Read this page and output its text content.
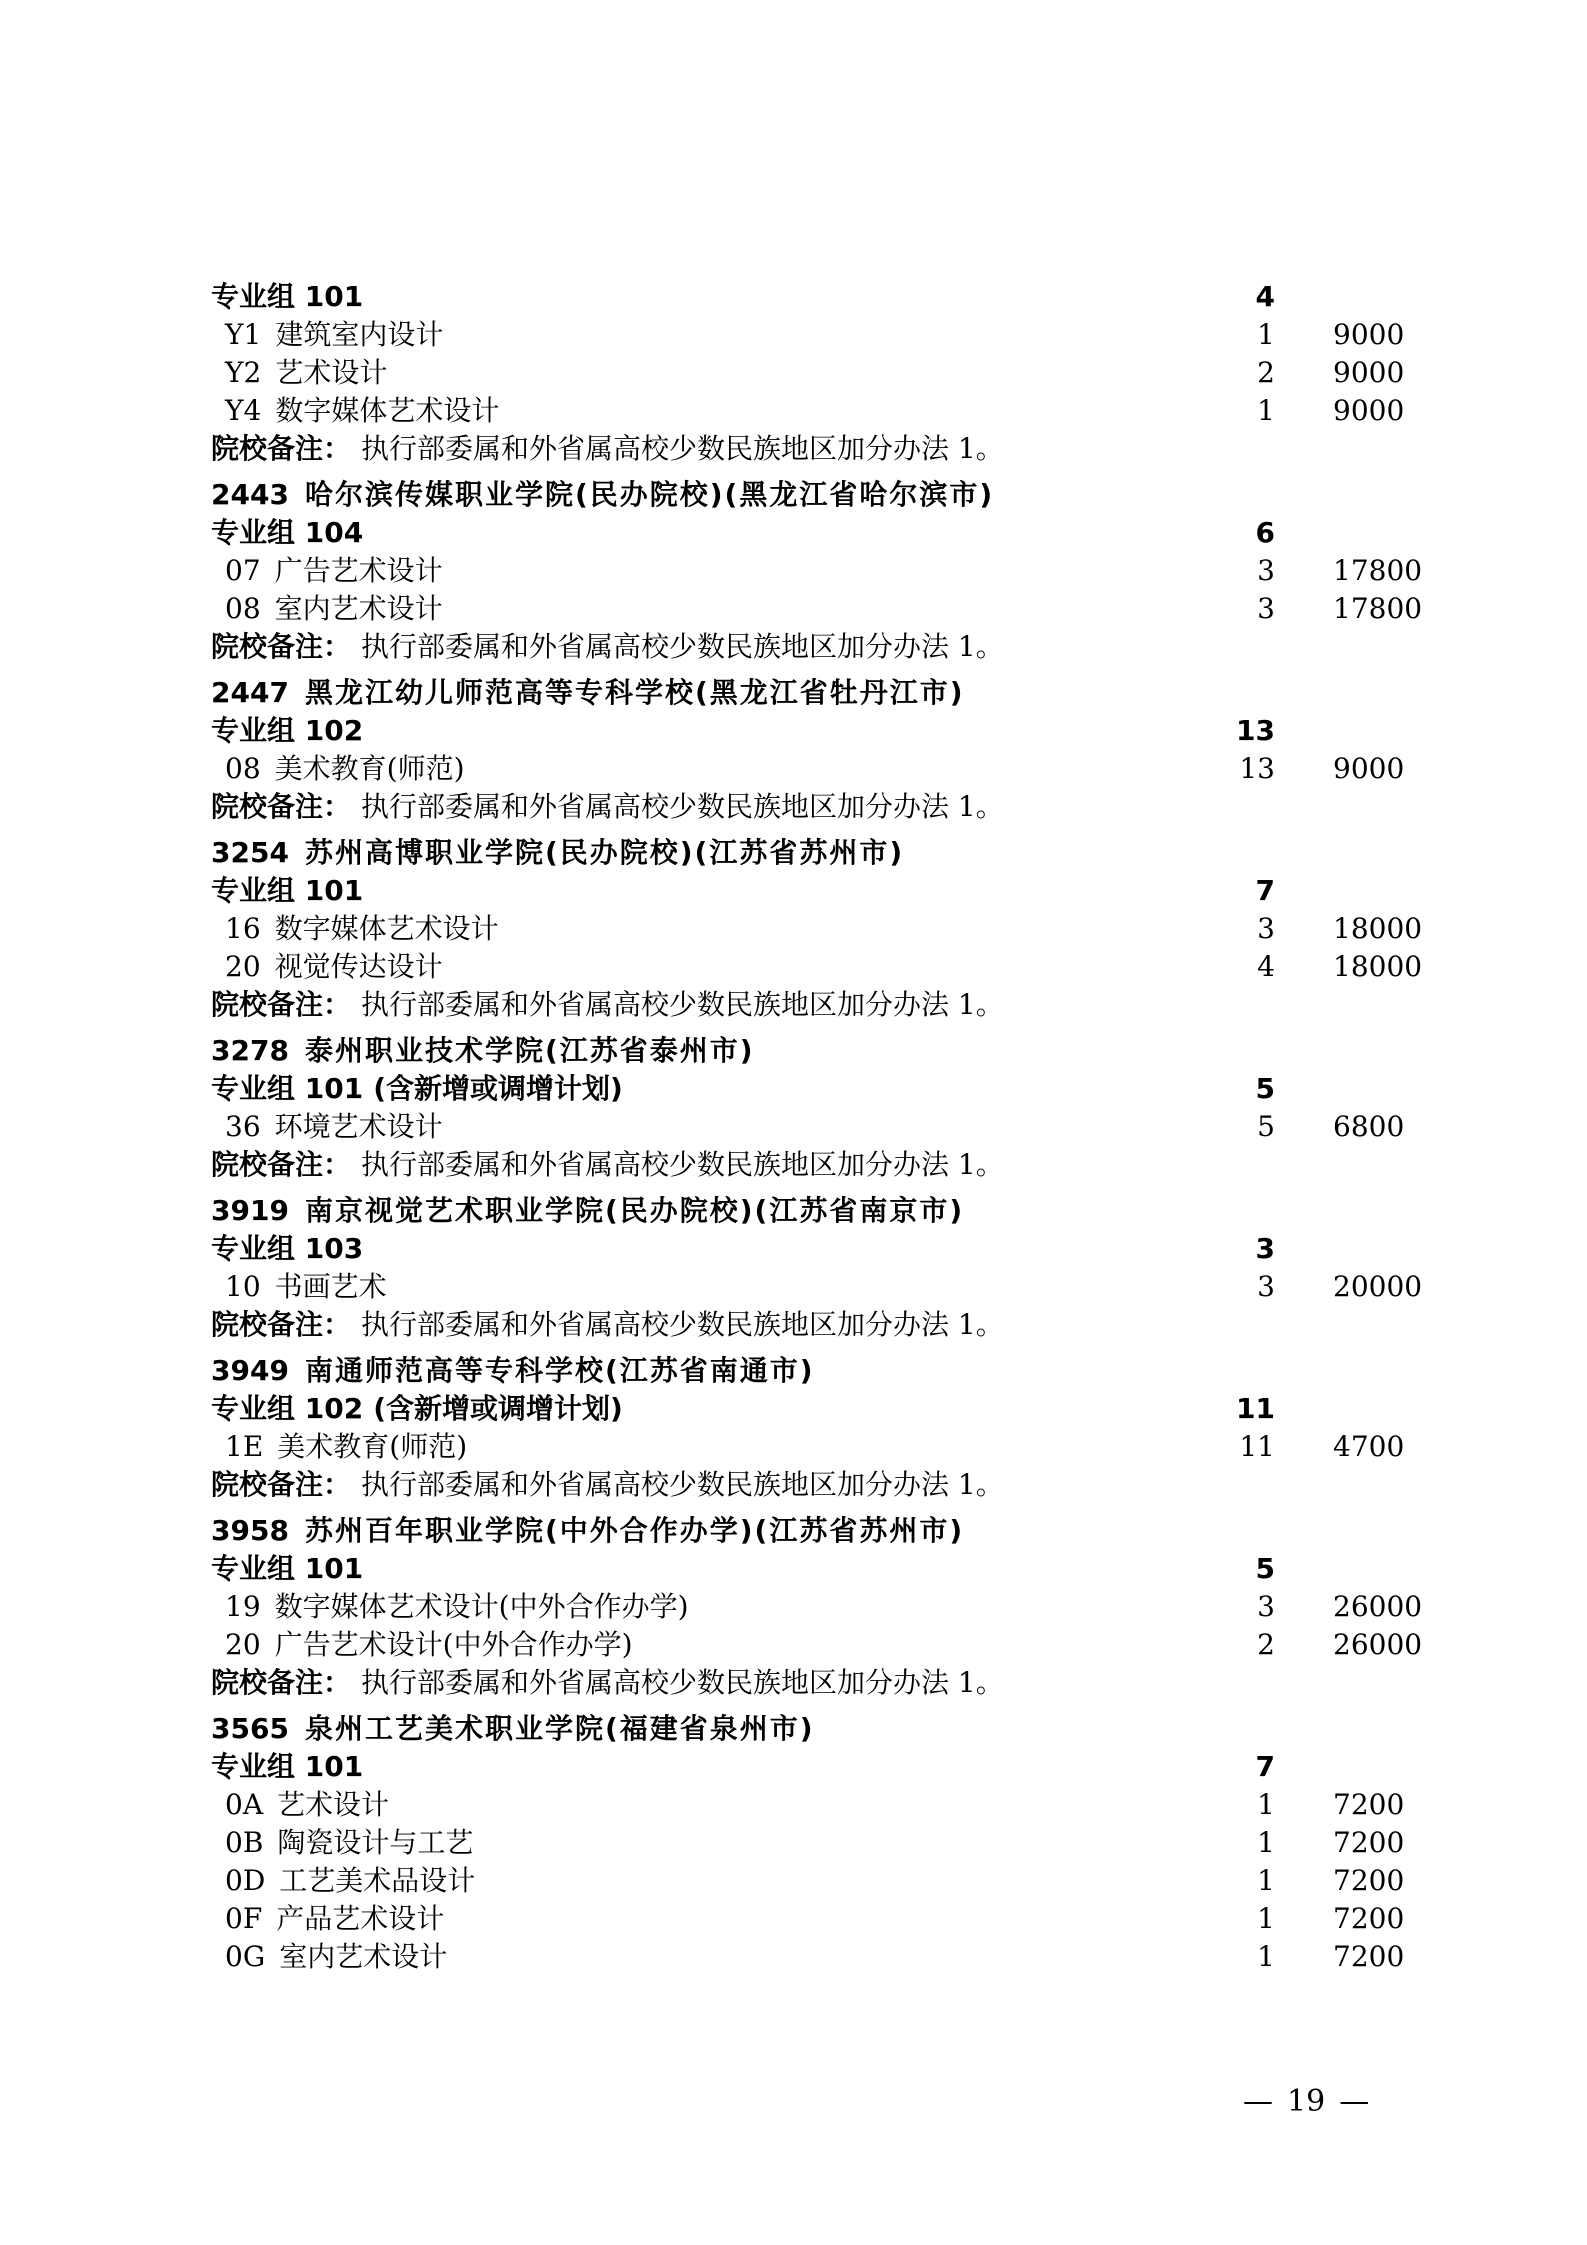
专业组 101	4
Y1 建筑室内设计	1 9000
Y2 艺术设计	2 9000
Y4 数字媒体艺术设计	1 9000
院校备注： 执行部委属和外省属高校少数民族地区加分办法 1。
2443 哈尔滨传媒职业学院(民办院校)(黑龙江省哈尔滨市)
专业组 104	6
07 广告艺术设计	3 17800
08 室内艺术设计	3 17800
院校备注： 执行部委属和外省属高校少数民族地区加分办法 1。
2447 黑龙江幼儿师范高等专科学校(黑龙江省牡丹江市)
专业组 102	13
08 美术教育(师范)	13 9000
院校备注： 执行部委属和外省属高校少数民族地区加分办法 1。
3254 苏州高博职业学院(民办院校)(江苏省苏州市)
专业组 101	7
16 数字媒体艺术设计	3 18000
20 视觉传达设计	4 18000
院校备注： 执行部委属和外省属高校少数民族地区加分办法 1。
3278 泰州职业技术学院(江苏省泰州市)
专业组 101 (含新增或调增计划)	5
36 环境艺术设计	5 6800
院校备注： 执行部委属和外省属高校少数民族地区加分办法 1。
3919 南京视觉艺术职业学院(民办院校)(江苏省南京市)
专业组 103	3
10 书画艺术	3 20000
院校备注： 执行部委属和外省属高校少数民族地区加分办法 1。
3949 南通师范高等专科学校(江苏省南通市)
专业组 102 (含新增或调增计划)	11
1E 美术教育(师范)	11 4700
院校备注： 执行部委属和外省属高校少数民族地区加分办法 1。
3958 苏州百年职业学院(中外合作办学)(江苏省苏州市)
专业组 101	5
19 数字媒体艺术设计(中外合作办学)	3 26000
20 广告艺术设计(中外合作办学)	2 26000
院校备注： 执行部委属和外省属高校少数民族地区加分办法 1。
3565 泉州工艺美术职业学院(福建省泉州市)
专业组 101	7
0A 艺术设计	1 7200
0B 陶瓷设计与工艺	1 7200
0D 工艺美术品设计	1 7200
0F 产品艺术设计	1 7200
0G 室内艺术设计	1 7200
— 19 —
